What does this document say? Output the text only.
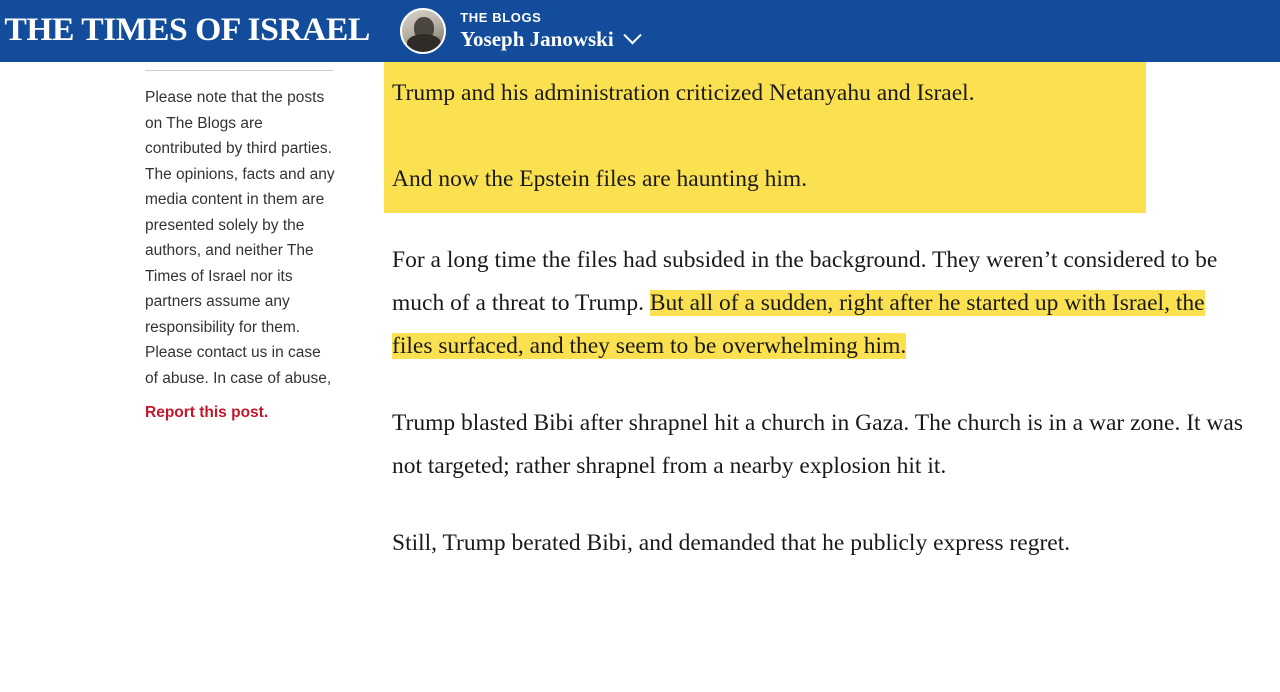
THE TIMES OF ISRAEL	THE BLOGS
Yoseph Janowski
Please note that the posts on The Blogs are contributed by third parties. The opinions, facts and any media content in them are presented solely by the authors, and neither The Times of Israel nor its partners assume any responsibility for them. Please contact us in case of abuse. In case of abuse,
Report this post.

Trump and his administration criticized Netanyahu and Israel.

And now the Epstein files are haunting him.

For a long time the files had subsided in the background. They weren’t considered to be much of a threat to Trump. But all of a sudden, right after he started up with Israel, the files surfaced, and they seem to be overwhelming him.

Trump blasted Bibi after shrapnel hit a church in Gaza. The church is in a war zone. It was not targeted; rather shrapnel from a nearby explosion hit it.

Still, Trump berated Bibi, and demanded that he publicly express regret.
